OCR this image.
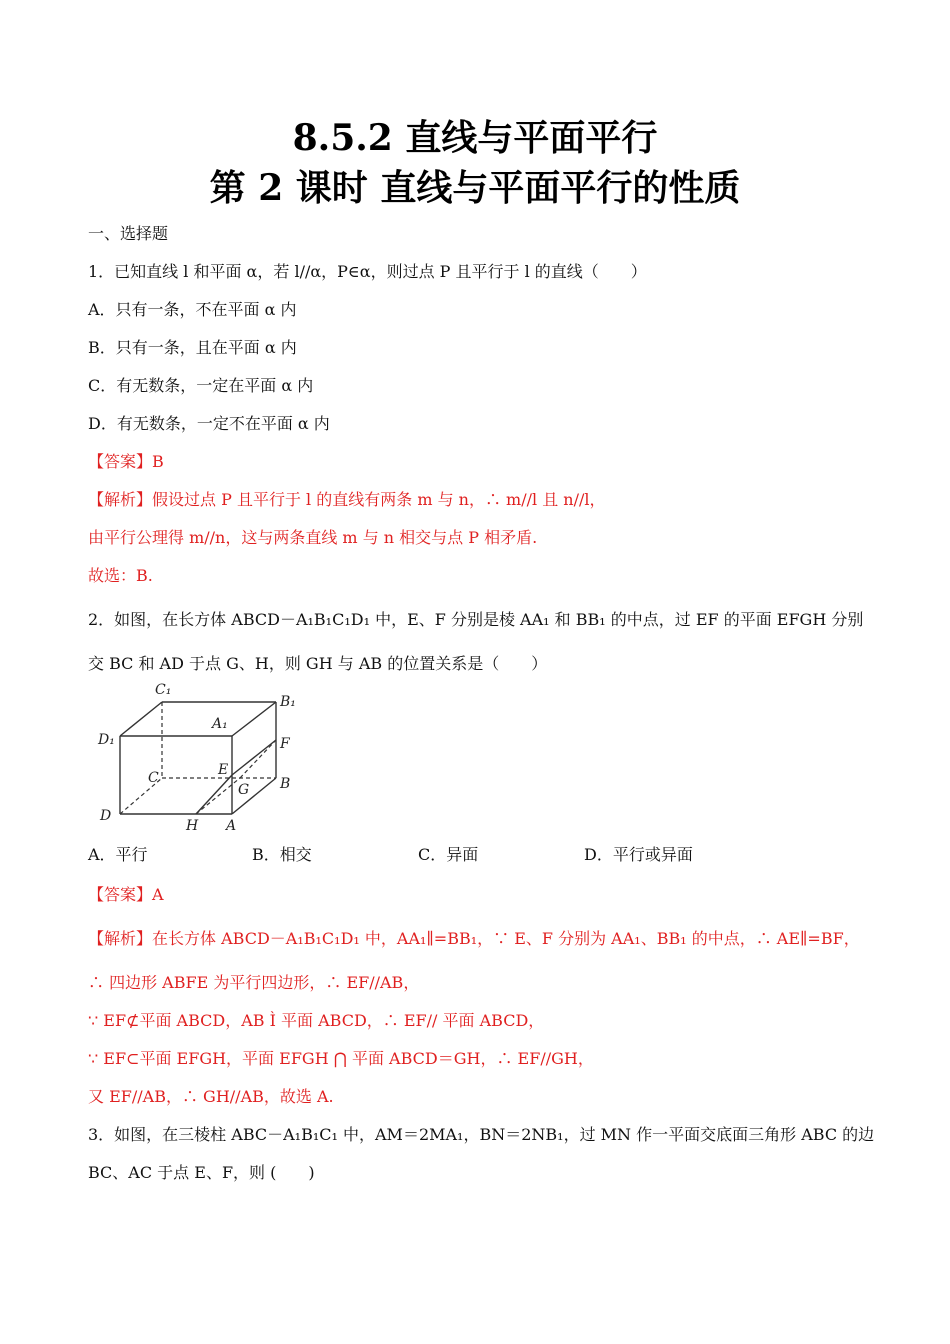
8.5.2 直线与平面平行
第 2 课时 直线与平面平行的性质
一、选择题
1．已知直线 l 和平面 α，若 l//α，P∈α，则过点 P 且平行于 l 的直线（　　）
A．只有一条，不在平面 α 内
B．只有一条，且在平面 α 内
C．有无数条，一定在平面 α 内
D．有无数条，一定不在平面 α 内
【答案】B
【解析】假设过点 P 且平行于 l 的直线有两条 m 与 n，∴ m//l 且 n//l，
由平行公理得 m//n，这与两条直线 m 与 n 相交与点 P 相矛盾.
故选：B.
2．如图，在长方体 ABCD－A₁B₁C₁D₁ 中，E、F 分别是棱 AA₁ 和 BB₁ 的中点，过 EF 的平面 EFGH 分别
交 BC 和 AD 于点 G、H，则 GH 与 AB 的位置关系是（　　）
C₁
B₁
A₁
D₁	F
E
C	B
G
D
H A
A．平行	B．相交	C．异面	D．平行或异面
【答案】A
【解析】在长方体 ABCD－A₁B₁C₁D₁ 中，AA₁∥=BB₁，∵ E、F 分别为 AA₁、BB₁ 的中点，∴ AE∥=BF，
∴ 四边形 ABFE 为平行四边形，∴ EF//AB，
∵ EF⊄平面 ABCD，AB Ì 平面 ABCD，∴ EF// 平面 ABCD，
∵ EF⊂平面 EFGH，平面 EFGH ⋂ 平面 ABCD＝GH，∴ EF//GH，
又 EF//AB，∴ GH//AB，故选 A.
3．如图，在三棱柱 ABC－A₁B₁C₁ 中，AM＝2MA₁，BN＝2NB₁，过 MN 作一平面交底面三角形 ABC 的边
BC、AC 于点 E、F，则 (　　)
